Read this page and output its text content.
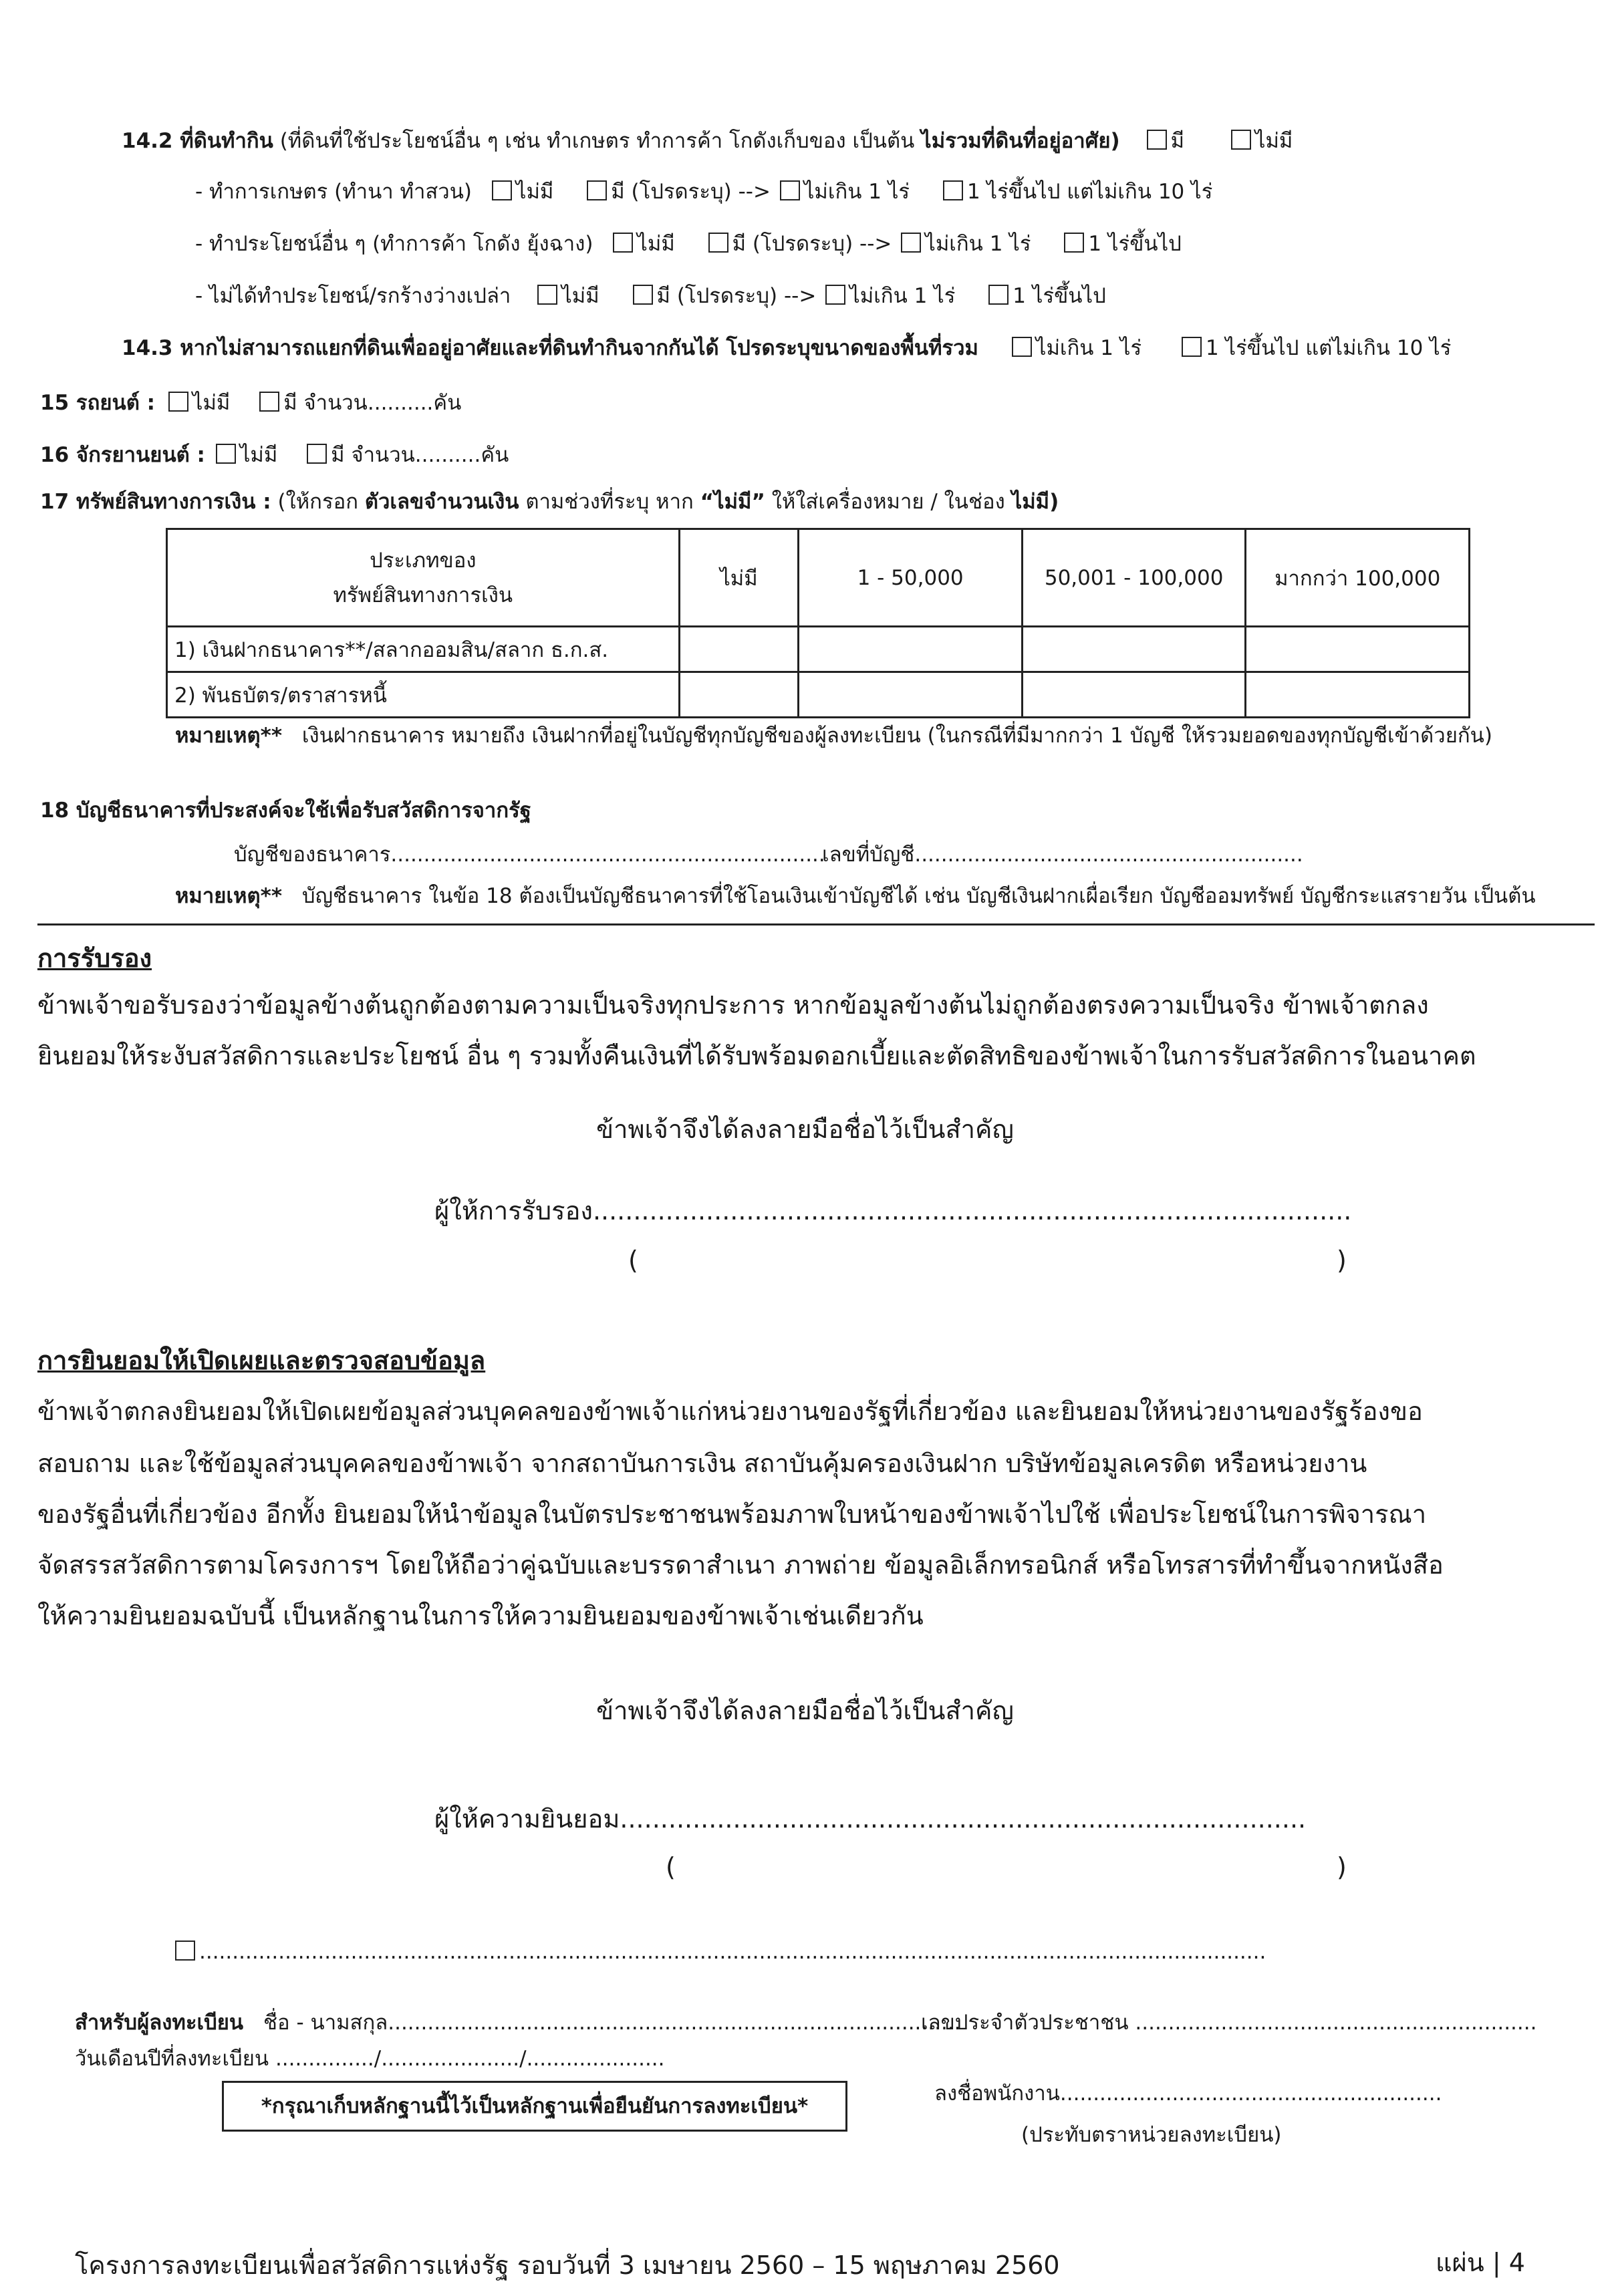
14.2 ที่ดินทำกิน (ที่ดินที่ใช้ประโยชน์อื่น ๆ เช่น ทำเกษตร ทำการค้า โกดังเก็บของ เป็นต้น ไม่รวมที่ดินที่อยู่อาศัย) มี	ไม่มี
- ทำการเกษตร (ทำนา ทำสวน) ไม่มี	มี (โปรดระบุ) --> ไม่เกิน 1 ไร่	1 ไร่ขึ้นไป แต่ไม่เกิน 10 ไร่
- ทำประโยชน์อื่น ๆ (ทำการค้า โกดัง ยุ้งฉาง) ไม่มี	มี (โปรดระบุ) --> ไม่เกิน 1 ไร่	1 ไร่ขึ้นไป
- ไม่ได้ทำประโยชน์/รกร้างว่างเปล่า ไม่มี	มี (โปรดระบุ) --> ไม่เกิน 1 ไร่	1 ไร่ขึ้นไป
14.3 หากไม่สามารถแยกที่ดินเพื่ออยู่อาศัยและที่ดินทำกินจากกันได้ โปรดระบุขนาดของพื้นที่รวม	ไม่เกิน 1 ไร่	1 ไร่ขึ้นไป แต่ไม่เกิน 10 ไร่
15 รถยนต์ : ไม่มี	มี จำนวน..........คัน
16 จักรยานยนต์ : ไม่มี	มี จำนวน..........คัน
17 ทรัพย์สินทางการเงิน : (ให้กรอก ตัวเลขจำนวนเงิน ตามช่วงที่ระบุ หาก “ไม่มี” ให้ใส่เครื่องหมาย / ในช่อง ไม่มี)
ประเภทของ
ทรัพย์สินทางการเงิน	ไม่มี	1 - 50,000	50,001 - 100,000	มากกว่า 100,000
1) เงินฝากธนาคาร**/สลากออมสิน/สลาก ธ.ก.ส.				
2) พันธบัตร/ตราสารหนี้				
หมายเหตุ** เงินฝากธนาคาร หมายถึง เงินฝากที่อยู่ในบัญชีทุกบัญชีของผู้ลงทะเบียน (ในกรณีที่มีมากกว่า 1 บัญชี ให้รวมยอดของทุกบัญชีเข้าด้วยกัน)
18 บัญชีธนาคารที่ประสงค์จะใช้เพื่อรับสวัสดิการจากรัฐ
บัญชีของธนาคาร..................................................................
เลขที่บัญชี...........................................................
หมายเหตุ** บัญชีธนาคาร ในข้อ 18 ต้องเป็นบัญชีธนาคารที่ใช้โอนเงินเข้าบัญชีได้ เช่น บัญชีเงินฝากเผื่อเรียก บัญชีออมทรัพย์ บัญชีกระแสรายวัน เป็นต้น
การรับรอง
ข้าพเจ้าขอรับรองว่าข้อมูลข้างต้นถูกต้องตามความเป็นจริงทุกประการ หากข้อมูลข้างต้นไม่ถูกต้องตรงความเป็นจริง ข้าพเจ้าตกลง
ยินยอมให้ระงับสวัสดิการและประโยชน์ อื่น ๆ รวมทั้งคืนเงินที่ได้รับพร้อมดอกเบี้ยและตัดสิทธิของข้าพเจ้าในการรับสวัสดิการในอนาคต
ข้าพเจ้าจึงได้ลงลายมือชื่อไว้เป็นสำคัญ
ผู้ให้การรับรอง..............................................................................................
(	)
การยินยอมให้เปิดเผยและตรวจสอบข้อมูล
ข้าพเจ้าตกลงยินยอมให้เปิดเผยข้อมูลส่วนบุคคลของข้าพเจ้าแก่หน่วยงานของรัฐที่เกี่ยวข้อง และยินยอมให้หน่วยงานของรัฐร้องขอ
สอบถาม และใช้ข้อมูลส่วนบุคคลของข้าพเจ้า จากสถาบันการเงิน สถาบันคุ้มครองเงินฝาก บริษัทข้อมูลเครดิต หรือหน่วยงาน
ของรัฐอื่นที่เกี่ยวข้อง อีกทั้ง ยินยอมให้นำข้อมูลในบัตรประชาชนพร้อมภาพใบหน้าของข้าพเจ้าไปใช้ เพื่อประโยชน์ในการพิจารณา
จัดสรรสวัสดิการตามโครงการฯ โดยให้ถือว่าคู่ฉบับและบรรดาสำเนา ภาพถ่าย ข้อมูลอิเล็กทรอนิกส์ หรือโทรสารที่ทำขึ้นจากหนังสือ
ให้ความยินยอมฉบับนี้ เป็นหลักฐานในการให้ความยินยอมของข้าพเจ้าเช่นเดียวกัน
ข้าพเจ้าจึงได้ลงลายมือชื่อไว้เป็นสำคัญ
ผู้ให้ความยินยอม.....................................................................................
(	)
..................................................................................................................................................................
สำหรับผู้ลงทะเบียน ชื่อ - นามสกุล.......................................................................................
เลขประจำตัวประชาชน .............................................................
วันเดือนปีที่ลงทะเบียน .............../...................../.....................
*กรุณาเก็บหลักฐานนี้ไว้เป็นหลักฐานเพื่อยืนยันการลงทะเบียน*
ลงชื่อพนักงาน..........................................................
(ประทับตราหน่วยลงทะเบียน)
โครงการลงทะเบียนเพื่อสวัสดิการแห่งรัฐ รอบวันที่ 3 เมษายน 2560 – 15 พฤษภาคม 2560	แผ่น | 4
